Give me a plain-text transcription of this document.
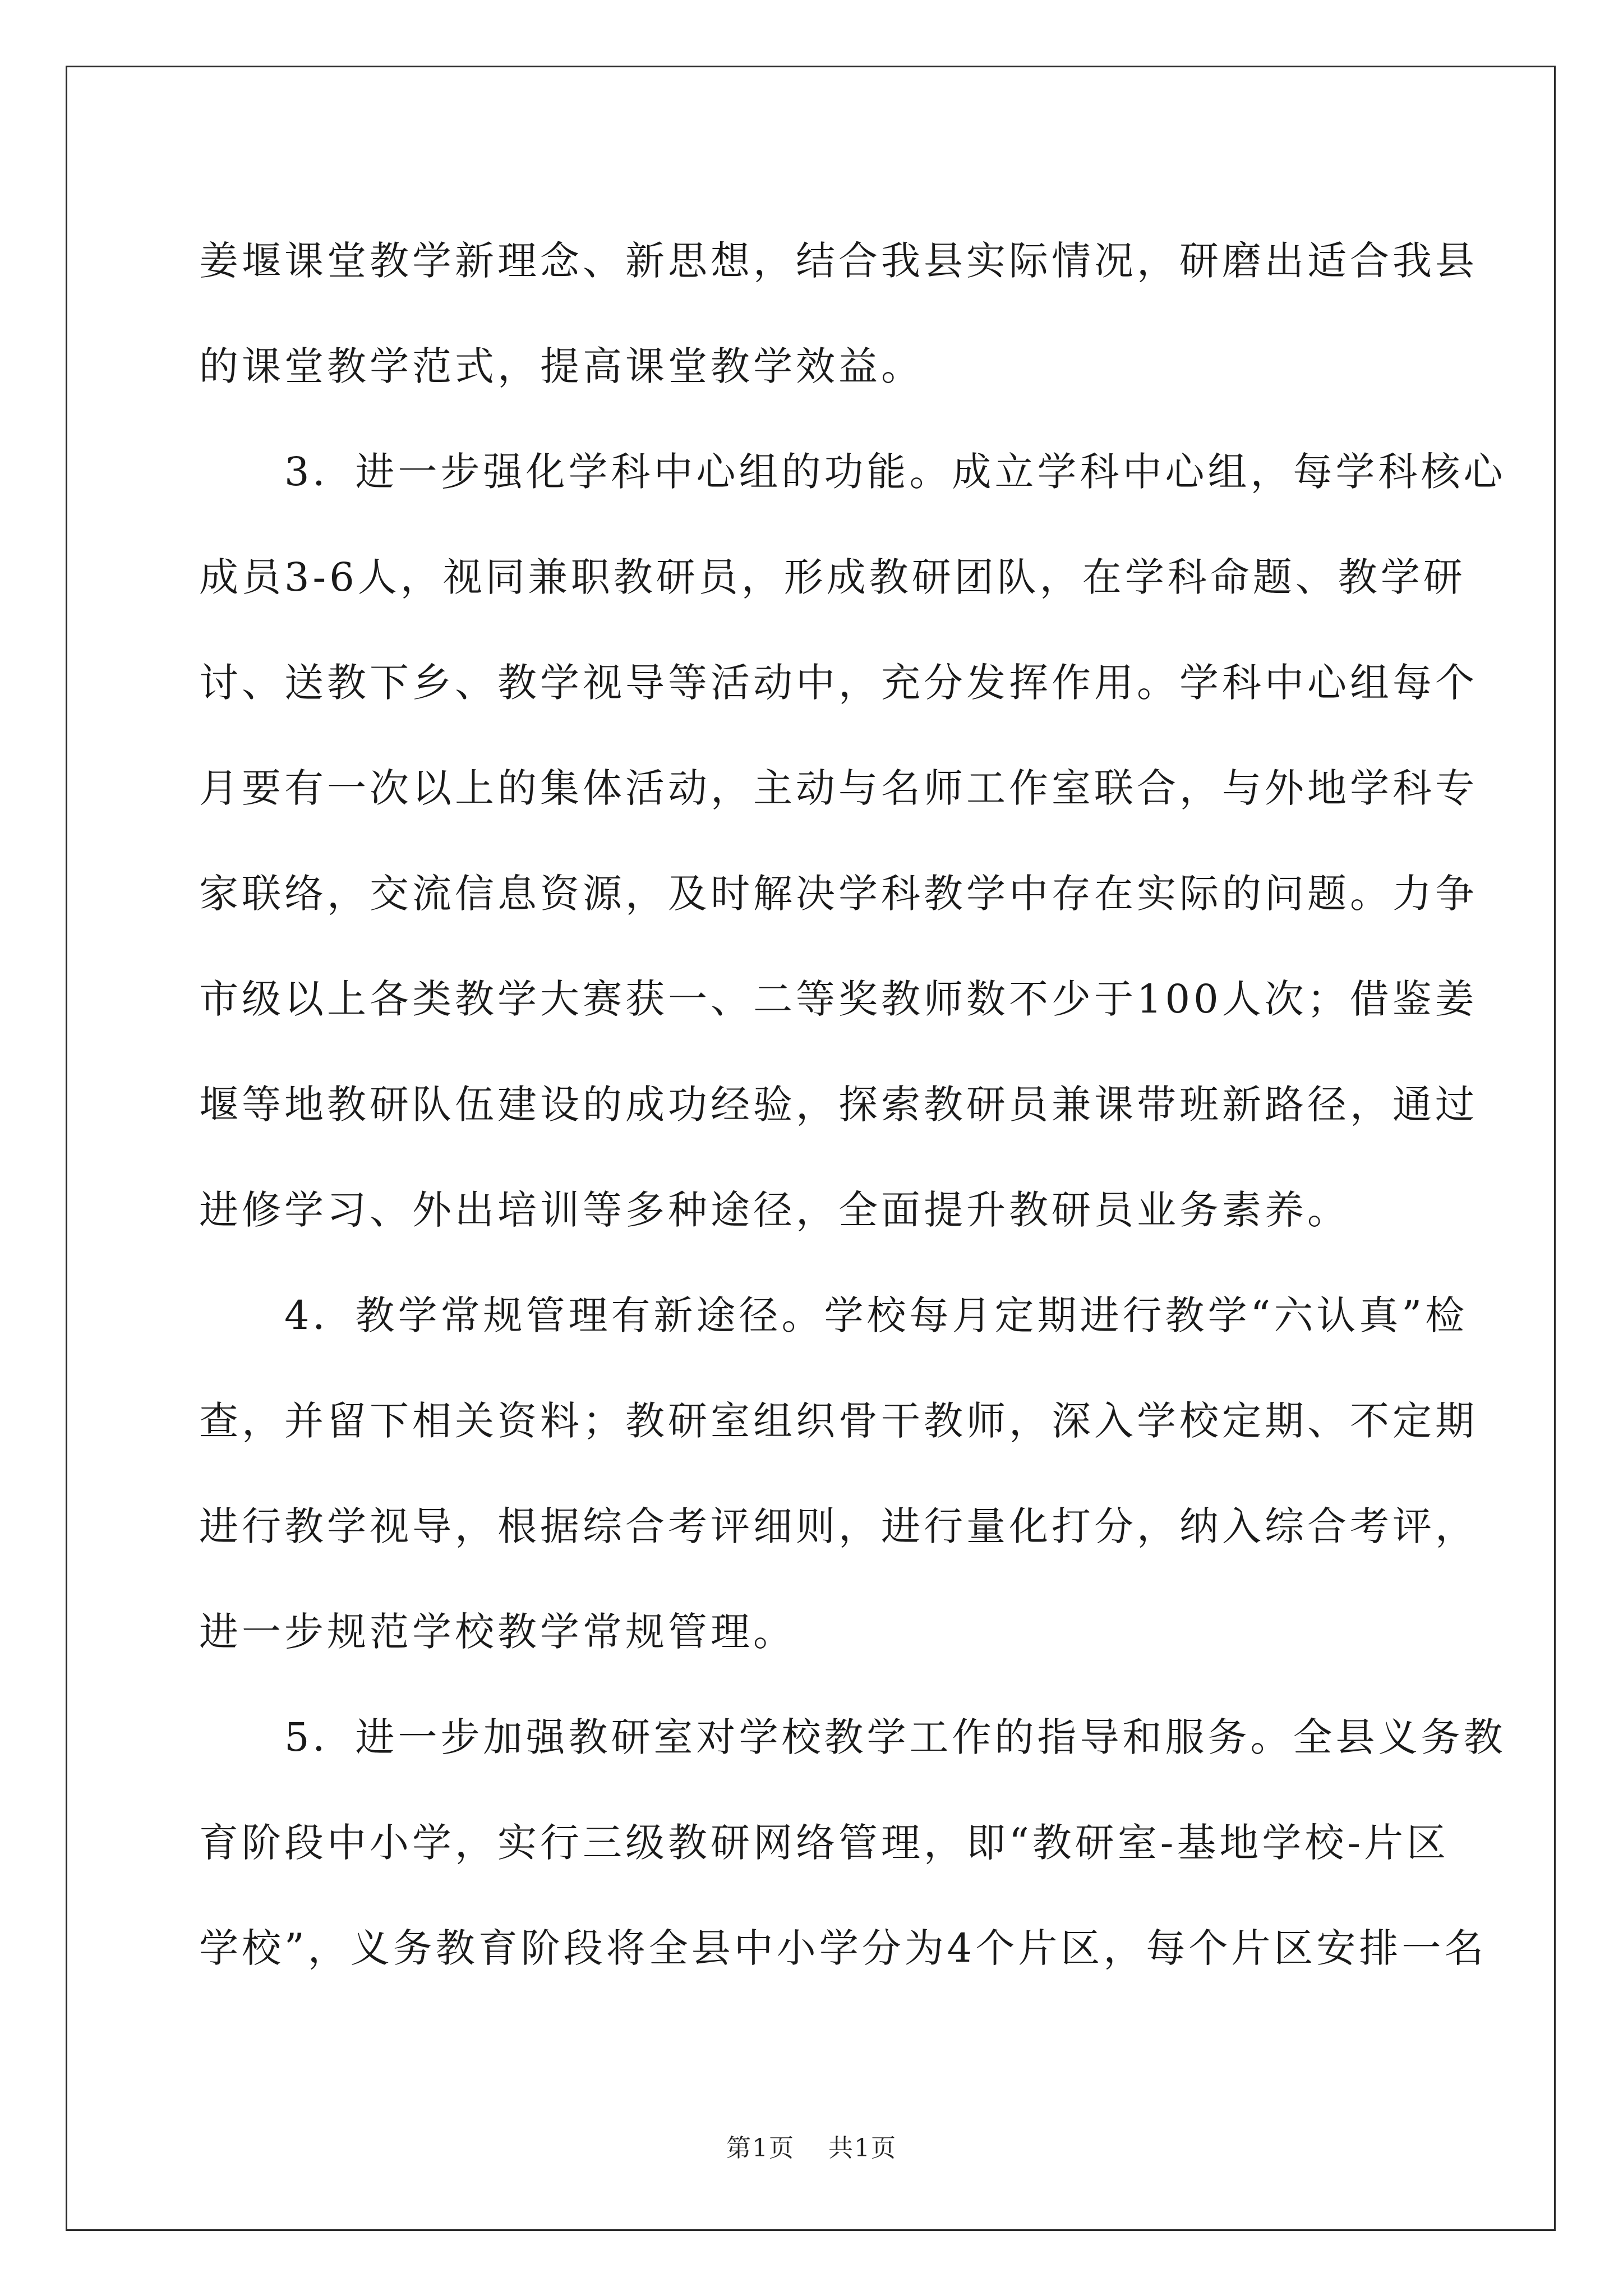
姜堰课堂教学新理念、新思想，结合我县实际情况，研磨出适合我县
的课堂教学范式，提高课堂教学效益。
　　3．进一步强化学科中心组的功能。成立学科中心组，每学科核心
成员3-6人，视同兼职教研员，形成教研团队，在学科命题、教学研
讨、送教下乡、教学视导等活动中，充分发挥作用。学科中心组每个
月要有一次以上的集体活动，主动与名师工作室联合，与外地学科专
家联络，交流信息资源，及时解决学科教学中存在实际的问题。力争
市级以上各类教学大赛获一、二等奖教师数不少于100人次；借鉴姜
堰等地教研队伍建设的成功经验，探索教研员兼课带班新路径，通过
进修学习、外出培训等多种途径，全面提升教研员业务素养。
　　4．教学常规管理有新途径。学校每月定期进行教学“六认真”检
查，并留下相关资料；教研室组织骨干教师，深入学校定期、不定期
进行教学视导，根据综合考评细则，进行量化打分，纳入综合考评，
进一步规范学校教学常规管理。
　　5．进一步加强教研室对学校教学工作的指导和服务。全县义务教
育阶段中小学，实行三级教研网络管理，即“教研室-基地学校-片区
学校”，义务教育阶段将全县中小学分为4个片区，每个片区安排一名
第1页 共1页
